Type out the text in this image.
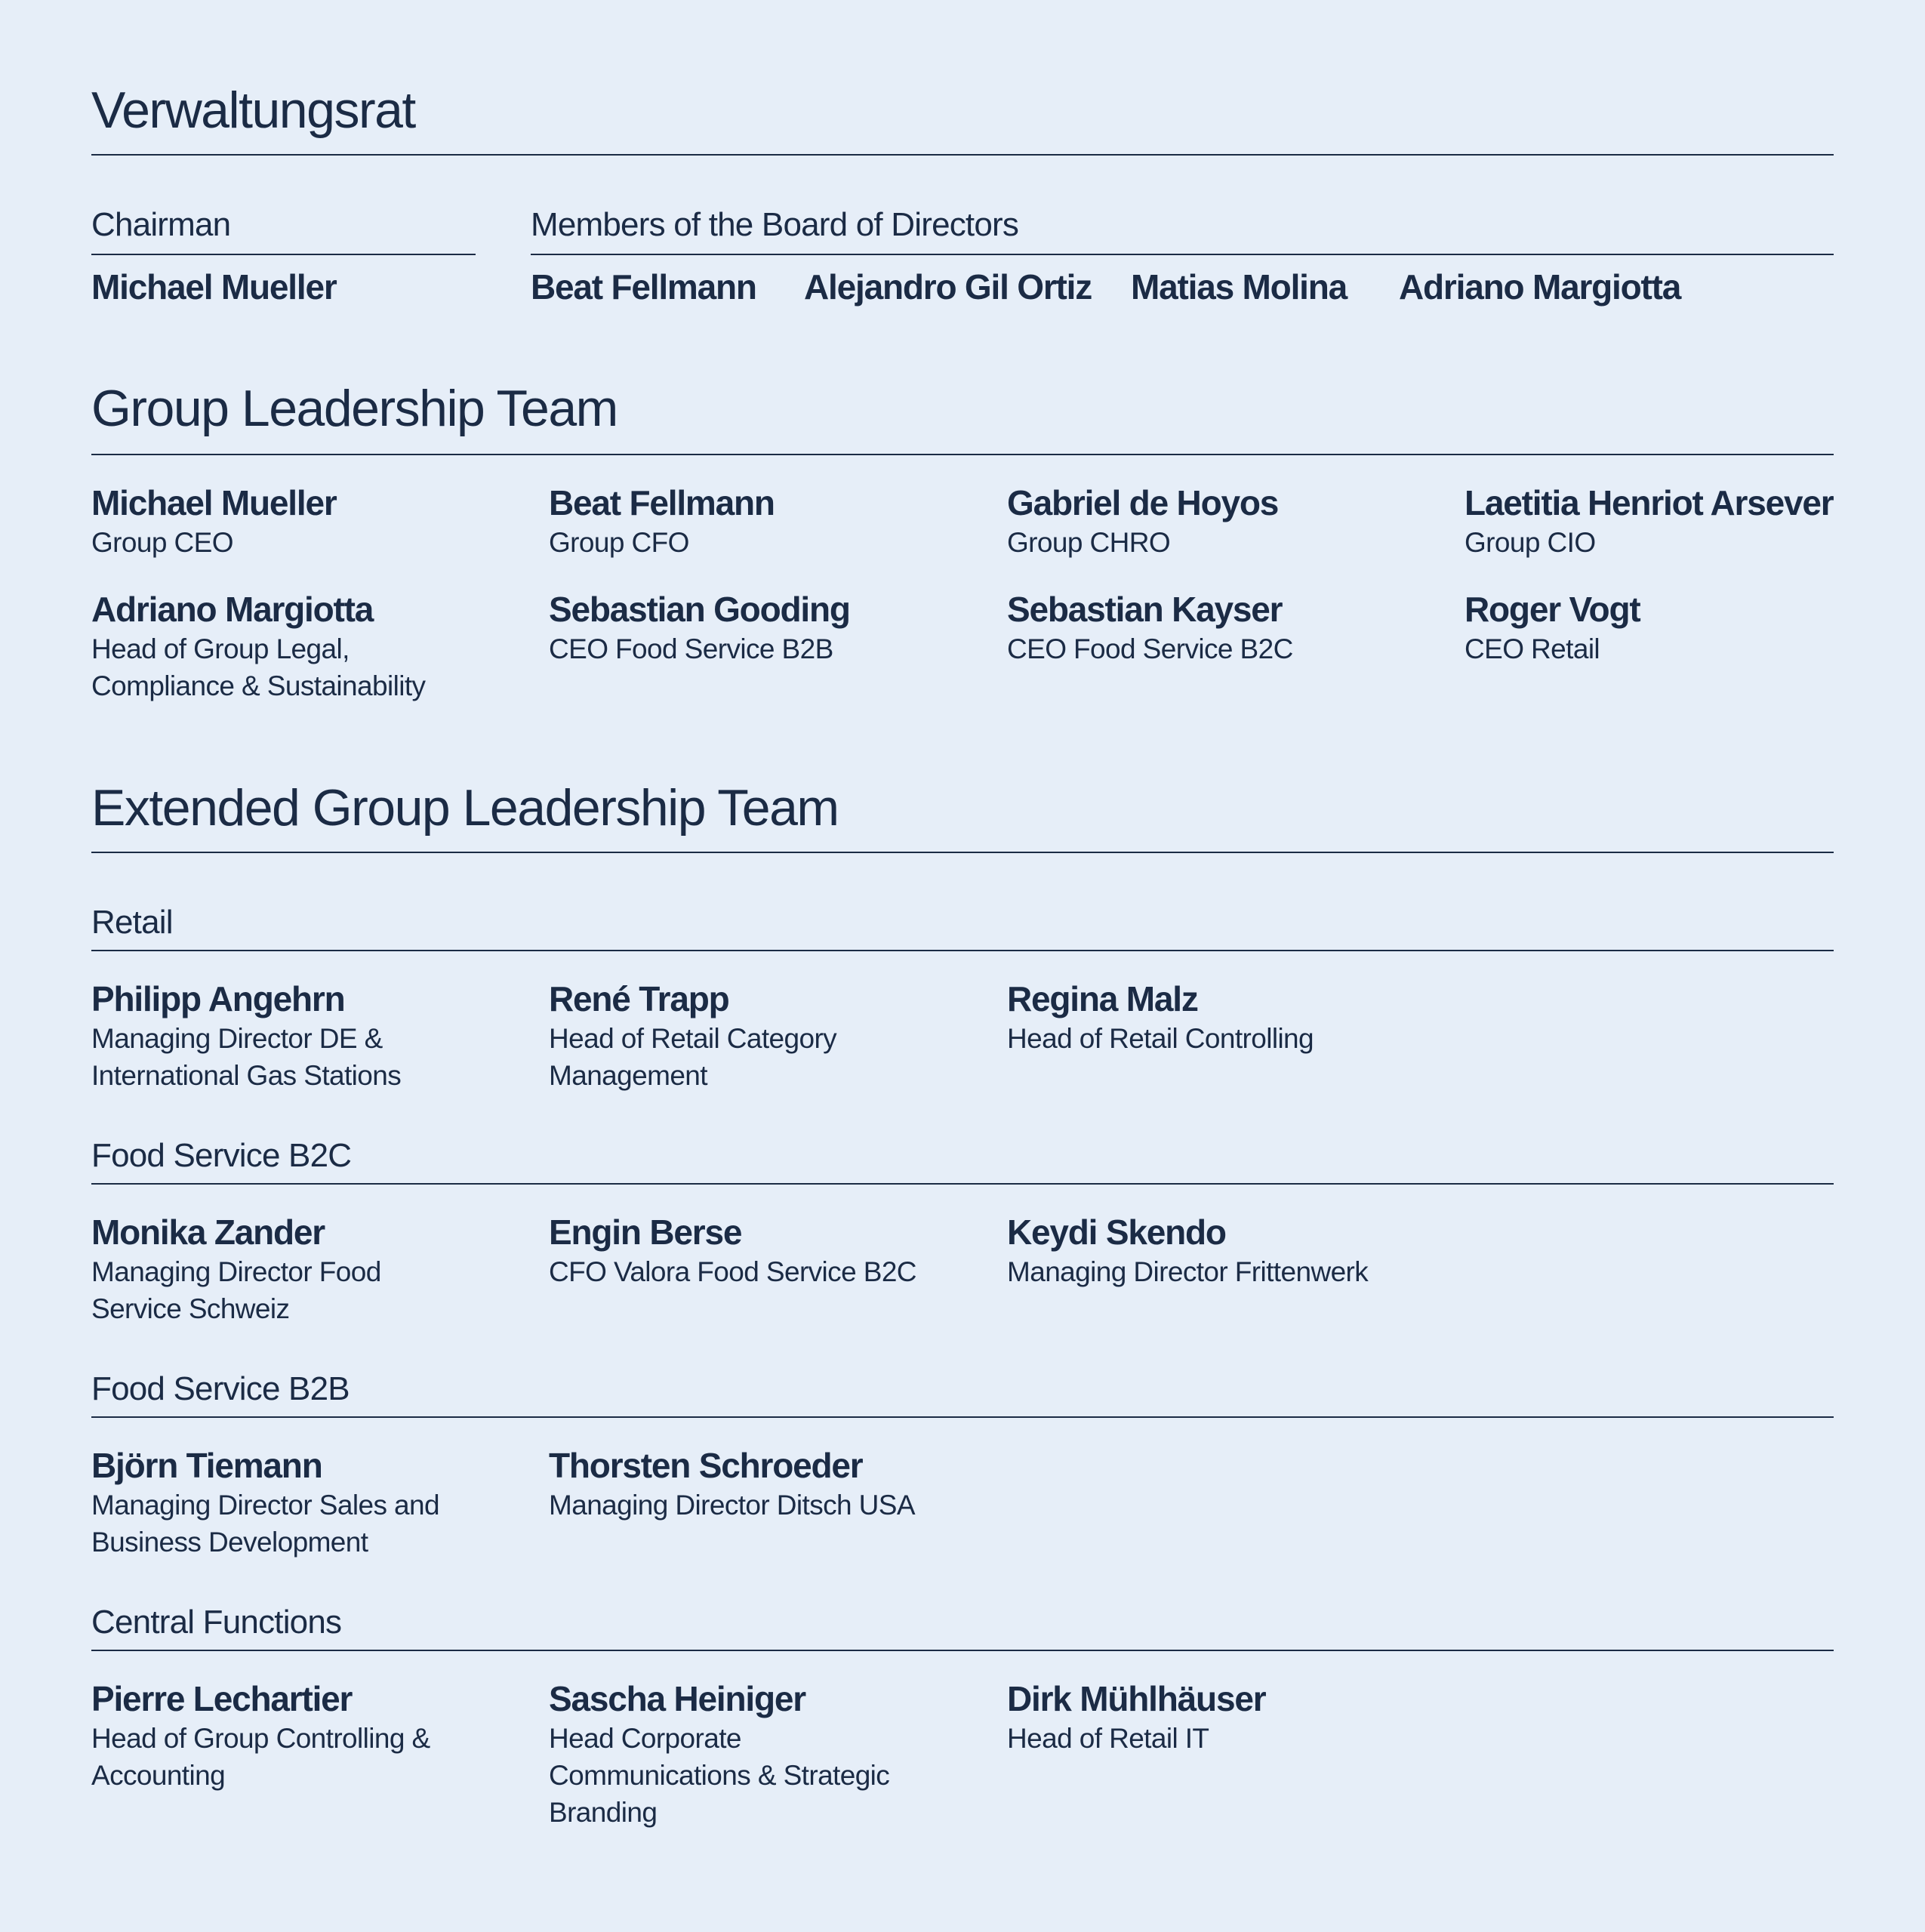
Verwaltungsrat
Chairman
Michael Mueller
Members of the Board of Directors
Beat Fellmann Alejandro Gil Ortiz Matias Molina Adriano Margiotta
Group Leadership Team
Michael Mueller
Group CEO
Beat Fellmann
Group CFO
Gabriel de Hoyos
Group CHRO
Laetitia Henriot Arsever
Group CIO
Adriano Margiotta
Head of Group Legal,
Compliance & Sustainability
Sebastian Gooding
CEO Food Service B2B
Sebastian Kayser
CEO Food Service B2C
Roger Vogt
CEO Retail
Extended Group Leadership Team
Retail
Philipp Angehrn
Managing Director DE &
International Gas Stations
René Trapp
Head of Retail Category
Management
Regina Malz
Head of Retail Controlling
Food Service B2C
Monika Zander
Managing Director Food
Service Schweiz
Engin Berse
CFO Valora Food Service B2C
Keydi Skendo
Managing Director Frittenwerk
Food Service B2B
Björn Tiemann
Managing Director Sales and
Business Development
Thorsten Schroeder
Managing Director Ditsch USA
Central Functions
Pierre Lechartier
Head of Group Controlling &
Accounting
Sascha Heiniger
Head Corporate
Communications & Strategic
Branding
Dirk Mühlhäuser
Head of Retail IT
